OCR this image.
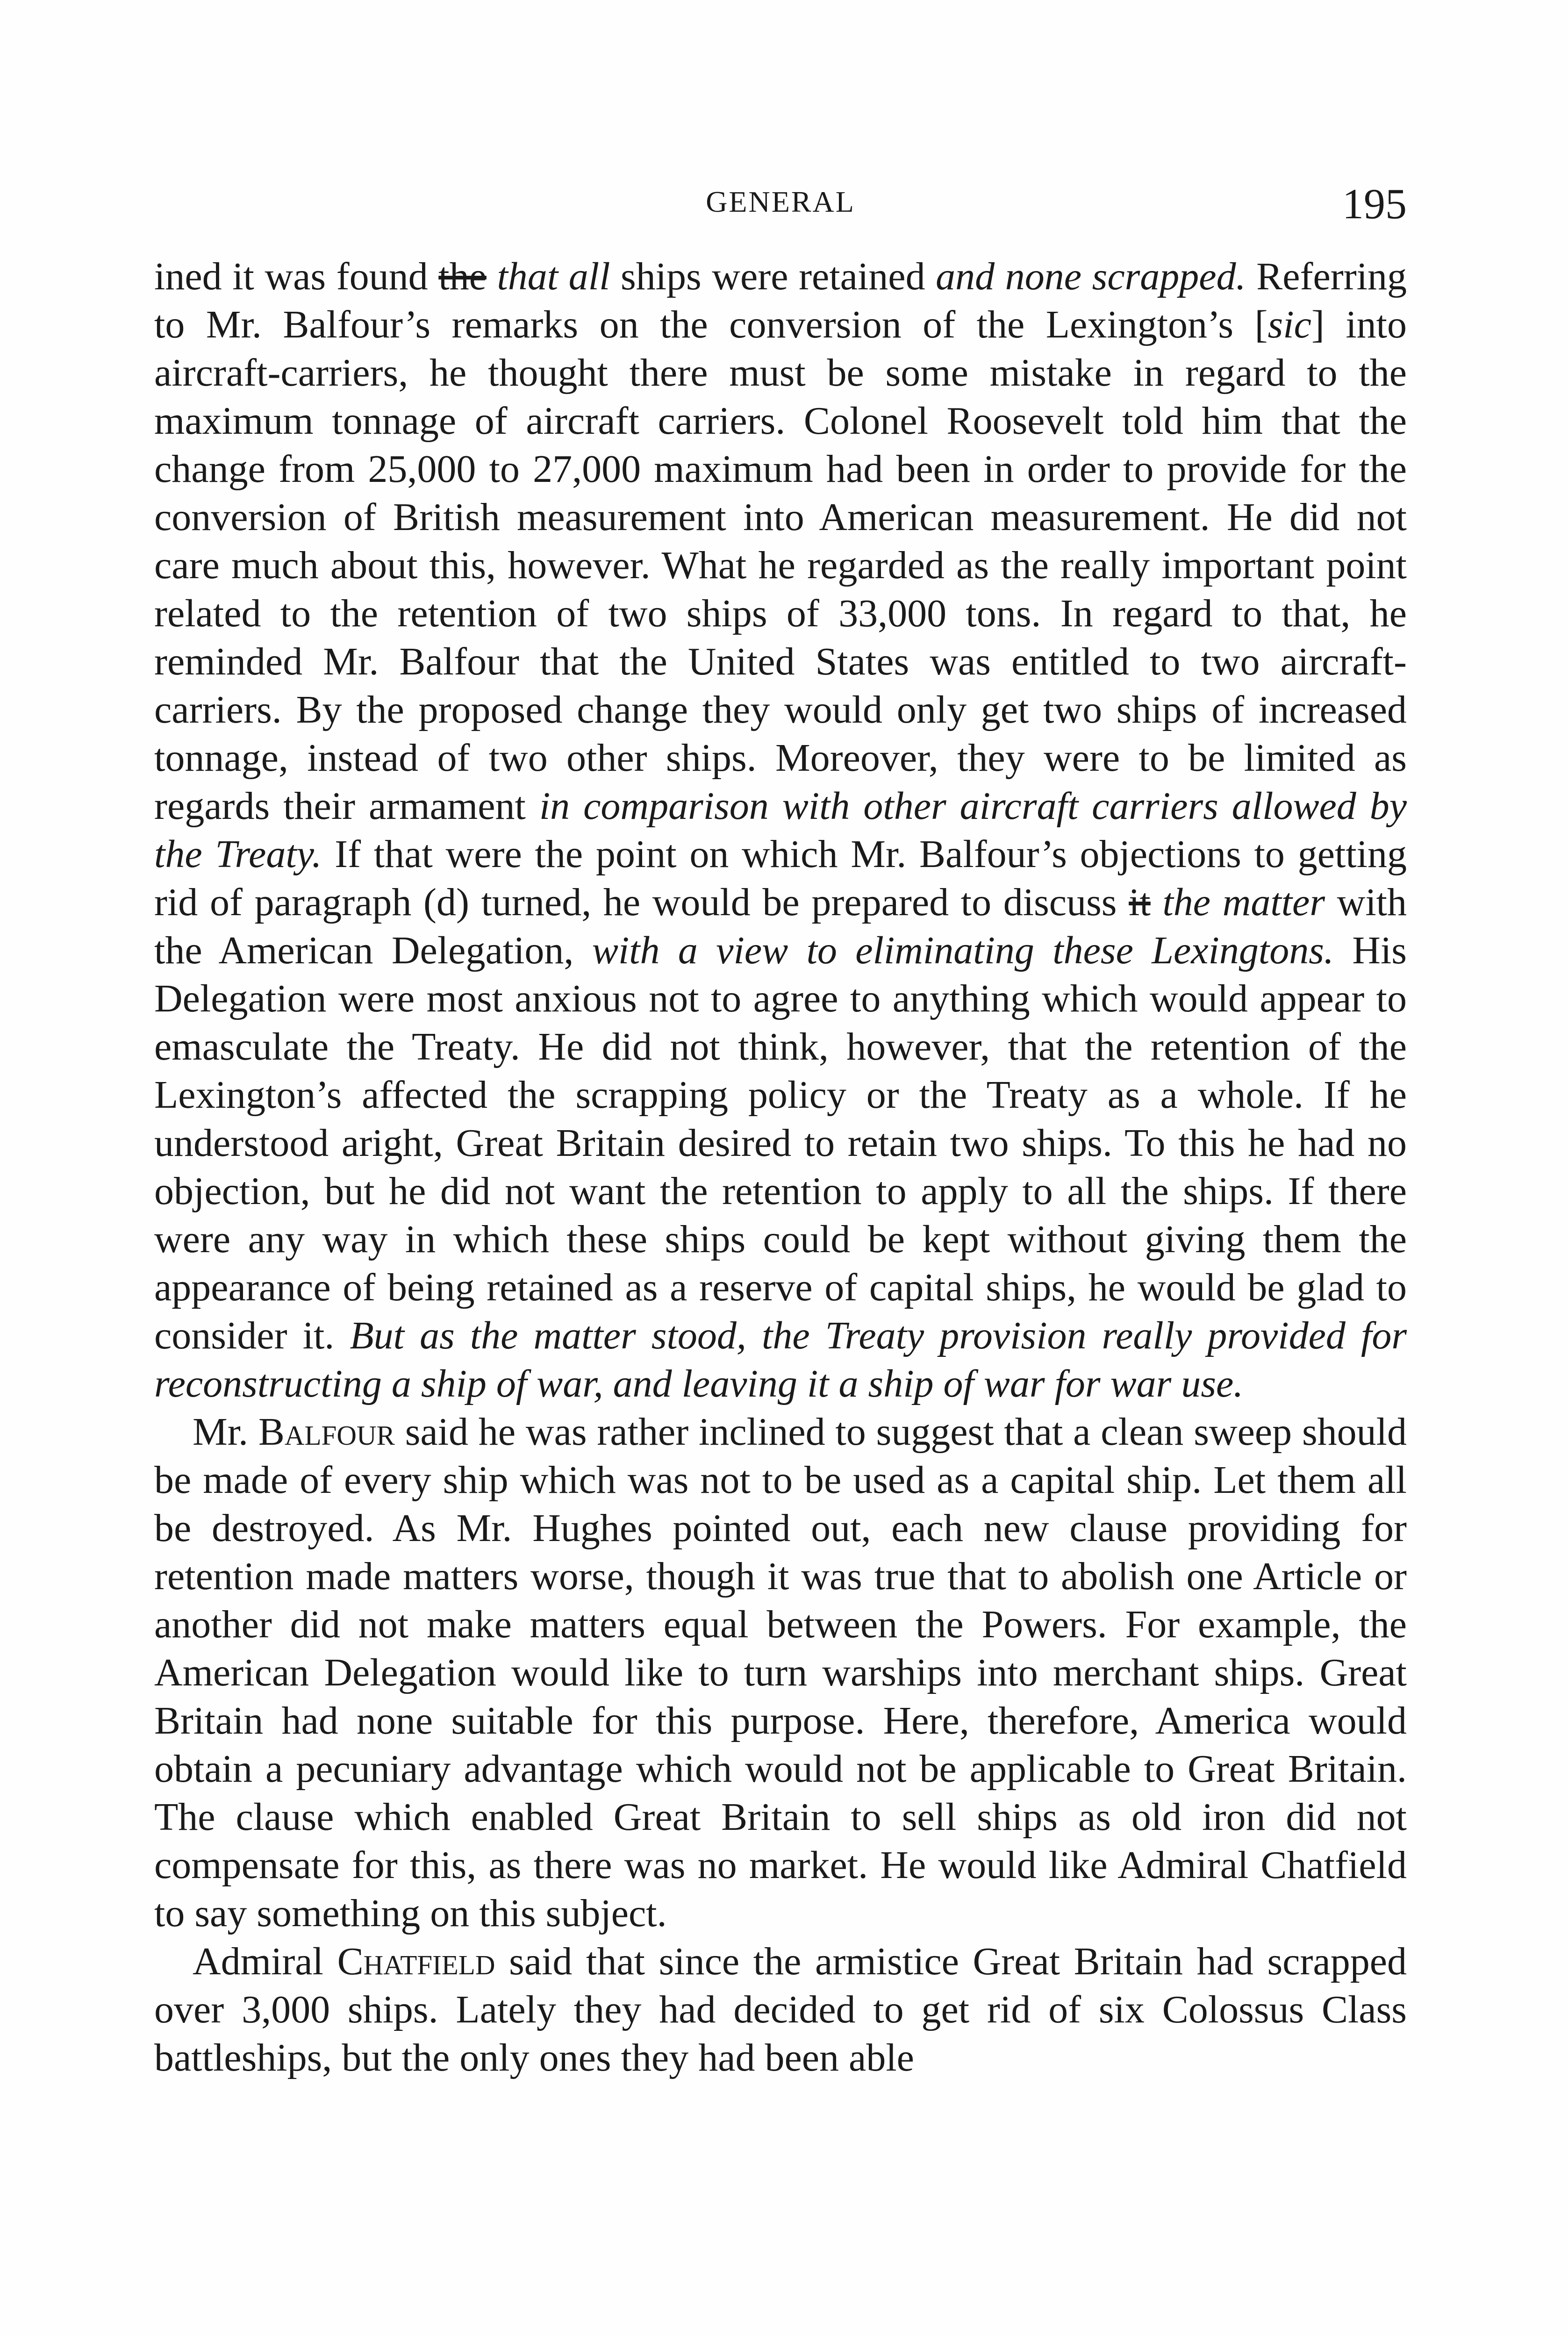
GENERAL	195

ined it was found the that all ships were retained and none scrapped. Referring to Mr. Balfour’s remarks on the conversion of the Lexington’s [sic] into aircraft-carriers, he thought there must be some mistake in regard to the maximum tonnage of aircraft carriers. Colonel Roosevelt told him that the change from 25,000 to 27,000 maximum had been in order to provide for the conversion of British measurement into American measurement. He did not care much about this, however. What he regarded as the really important point related to the retention of two ships of 33,000 tons. In regard to that, he reminded Mr. Balfour that the United States was entitled to two aircraft-carriers. By the proposed change they would only get two ships of increased tonnage, instead of two other ships. Moreover, they were to be limited as regards their armament in comparison with other aircraft carriers allowed by the Treaty. If that were the point on which Mr. Balfour’s objections to getting rid of paragraph (d) turned, he would be prepared to discuss it the matter with the American Delegation, with a view to eliminating these Lexingtons. His Delegation were most anxious not to agree to anything which would appear to emasculate the Treaty. He did not think, however, that the retention of the Lexington’s affected the scrapping policy or the Treaty as a whole. If he understood aright, Great Britain desired to retain two ships. To this he had no objection, but he did not want the retention to apply to all the ships. If there were any way in which these ships could be kept without giving them the appearance of being retained as a reserve of capital ships, he would be glad to consider it. But as the matter stood, the Treaty provision really provided for reconstructing a ship of war, and leaving it a ship of war for war use.

Mr. Balfour said he was rather inclined to suggest that a clean sweep should be made of every ship which was not to be used as a capital ship. Let them all be destroyed. As Mr. Hughes pointed out, each new clause providing for retention made matters worse, though it was true that to abolish one Article or another did not make matters equal between the Powers. For example, the American Delegation would like to turn warships into merchant ships. Great Britain had none suitable for this purpose. Here, therefore, America would obtain a pecuniary advantage which would not be applicable to Great Britain. The clause which enabled Great Britain to sell ships as old iron did not compensate for this, as there was no market. He would like Admiral Chatfield to say something on this subject.

Admiral Chatfield said that since the armistice Great Britain had scrapped over 3,000 ships. Lately they had decided to get rid of six Colossus Class battleships, but the only ones they had been able
